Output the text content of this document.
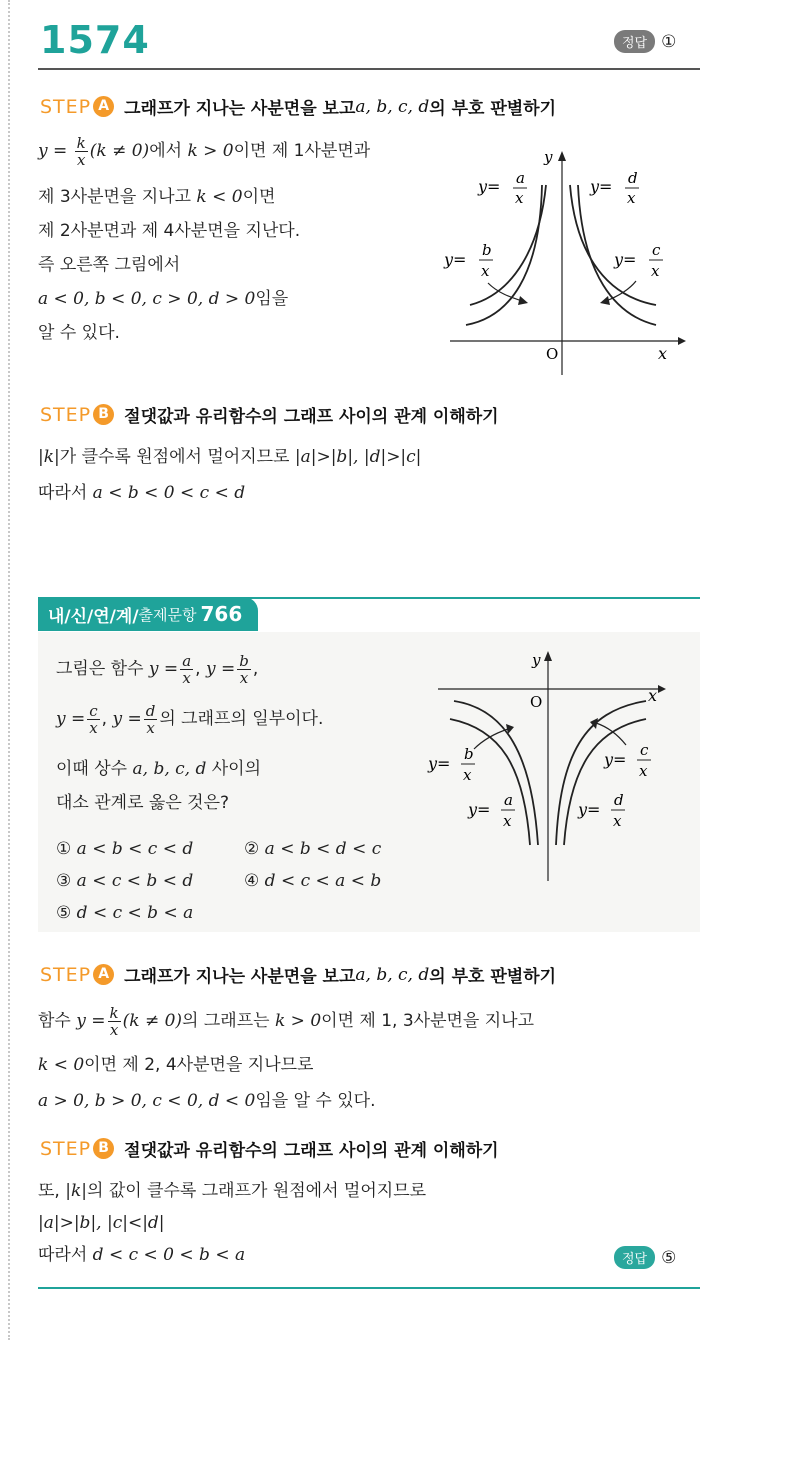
1574	정답 ①
STEP A 그래프가 지나는 사분면을 보고 a, b, c, d 의 부호 판별하기
$y = \frac{k}{x} (k \ne 0)$에서 k > 0이면 제 1사분면과
제 3사분면을 지나고 k < 0이면
제 2사분면과 제 4사분면을 지난다.
즉 오른쪽 그림에서
a < 0, b < 0, c > 0, d > 0임을
알 수 있다.
y
x
O
y= a
x
y= d
x
y= b
x
y= c
x
STEP B 절댓값과 유리함수의 그래프 사이의 관계 이해하기
|k|가 클수록 원점에서 멀어지므로 |a|>|b|, |d|>|c|
따라서 a < b < 0 < c < d
내/신/연/계/ 출제문항 766
그림은 함수 $y = \frac{a}{x}$ , $y = \frac{b}{x}$ ,
$y = \frac{c}{x}$ , $y = \frac{d}{x}$ 의 그래프의 일부이다.
이때 상수 a, b, c, d 사이의
대소 관계로 옳은 것은?
① a < b < c < d	② a < b < d < c
③ a < c < b < d	④ d < c < a < b
⑤ d < c < b < a
y
x
O
y= b
x
y= a
x
y= c
x
y= d
x
STEP A 그래프가 지나는 사분면을 보고 a, b, c, d 의 부호 판별하기
함수 $y = \frac{k}{x} (k \ne 0)$의 그래프는 k > 0이면 제 1, 3사분면을 지나고
k < 0이면 제 2, 4사분면을 지나므로
a > 0, b > 0, c < 0, d < 0임을 알 수 있다.
STEP B 절댓값과 유리함수의 그래프 사이의 관계 이해하기
또, |k|의 값이 클수록 그래프가 원점에서 멀어지므로
|a|>|b|, |c|<|d|
따라서 d < c < 0 < b < a	정답 ⑤
